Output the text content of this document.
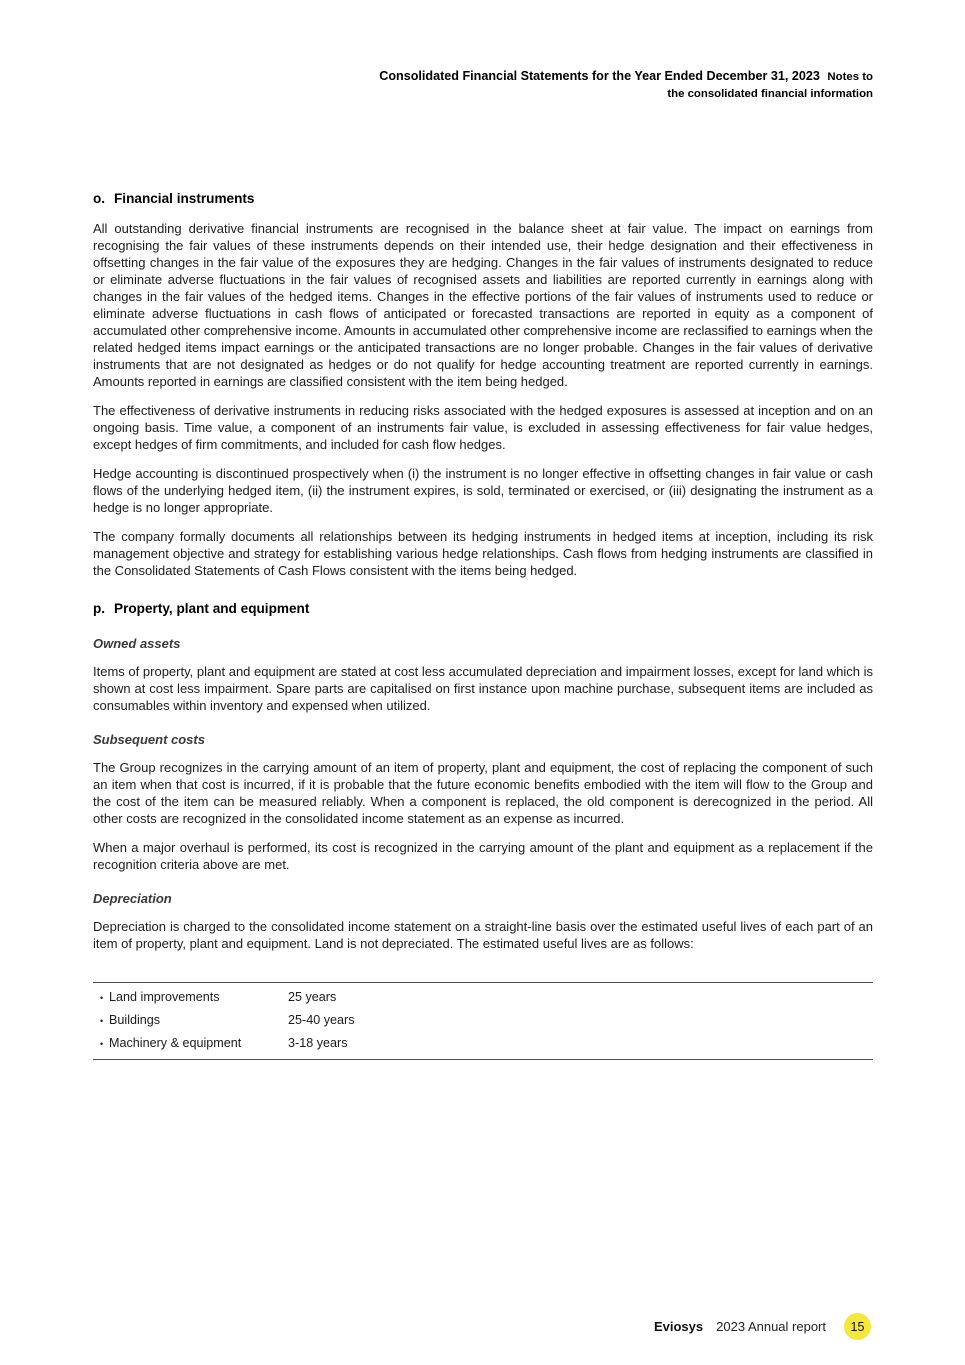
Consolidated Financial Statements for the Year Ended December 31, 2023 Notes to
the consolidated financial information
o. Financial instruments

All outstanding derivative financial instruments are recognised in the balance sheet at fair value. The impact on earnings from recognising the fair values of these instruments depends on their intended use, their hedge designation and their effectiveness in offsetting changes in the fair value of the exposures they are hedging. Changes in the fair values of instruments designated to reduce or eliminate adverse fluctuations in the fair values of recognised assets and liabilities are reported currently in earnings along with changes in the fair values of the hedged items. Changes in the effective portions of the fair values of instruments used to reduce or eliminate adverse fluctuations in cash flows of anticipated or forecasted transactions are reported in equity as a component of accumulated other comprehensive income. Amounts in accumulated other comprehensive income are reclassified to earnings when the related hedged items impact earnings or the anticipated transactions are no longer probable. Changes in the fair values of derivative instruments that are not designated as hedges or do not qualify for hedge accounting treatment are reported currently in earnings. Amounts reported in earnings are classified consistent with the item being hedged.

The effectiveness of derivative instruments in reducing risks associated with the hedged exposures is assessed at inception and on an ongoing basis. Time value, a component of an instruments fair value, is excluded in assessing effectiveness for fair value hedges, except hedges of firm commitments, and included for cash flow hedges.

Hedge accounting is discontinued prospectively when (i) the instrument is no longer effective in offsetting changes in fair value or cash flows of the underlying hedged item, (ii) the instrument expires, is sold, terminated or exercised, or (iii) designating the instrument as a hedge is no longer appropriate.

The company formally documents all relationships between its hedging instruments in hedged items at inception, including its risk management objective and strategy for establishing various hedge relationships. Cash flows from hedging instruments are classified in the Consolidated Statements of Cash Flows consistent with the items being hedged.

p. Property, plant and equipment
Owned assets

Items of property, plant and equipment are stated at cost less accumulated depreciation and impairment losses, except for land which is shown at cost less impairment. Spare parts are capitalised on first instance upon machine purchase, subsequent items are included as consumables within inventory and expensed when utilized.

Subsequent costs

The Group recognizes in the carrying amount of an item of property, plant and equipment, the cost of replacing the component of such an item when that cost is incurred, if it is probable that the future economic benefits embodied with the item will flow to the Group and the cost of the item can be measured reliably. When a component is replaced, the old component is derecognized in the period. All other costs are recognized in the consolidated income statement as an expense as incurred.

When a major overhaul is performed, its cost is recognized in the carrying amount of the plant and equipment as a replacement if the recognition criteria above are met.

Depreciation

Depreciation is charged to the consolidated income statement on a straight-line basis over the estimated useful lives of each part of an item of property, plant and equipment. Land is not depreciated. The estimated useful lives are as follows:

•
Land improvements	25 years
•
Buildings	25-40 years
•
Machinery & equipment	3-18 years
Eviosys 2023 Annual report	15
